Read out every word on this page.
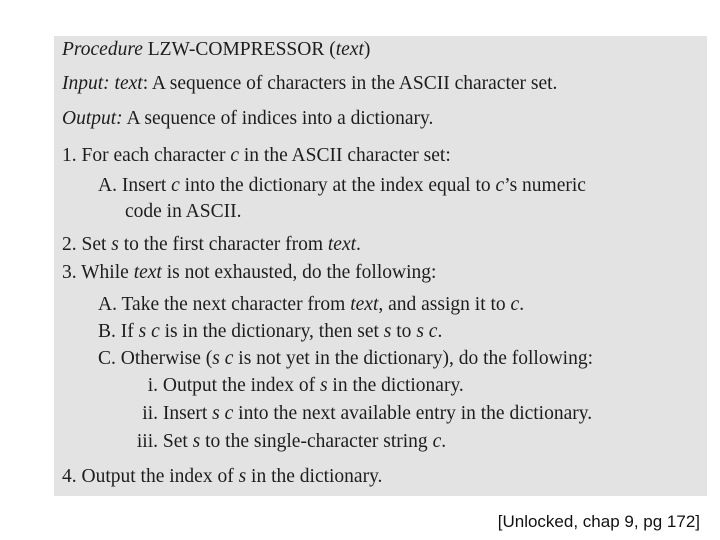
Procedure LZW-COMPRESSOR (text)
Input: text: A sequence of characters in the ASCII character set.
Output: A sequence of indices into a dictionary.
1. For each character c in the ASCII character set:
A. Insert c into the dictionary at the index equal to c’s numeric
code in ASCII.
2. Set s to the first character from text.
3. While text is not exhausted, do the following:
A. Take the next character from text, and assign it to c.
B. If s c is in the dictionary, then set s to s c.
C. Otherwise (s c is not yet in the dictionary), do the following:
i. Output the index of s in the dictionary.
ii. Insert s c into the next available entry in the dictionary.
iii. Set s to the single-character string c.
4. Output the index of s in the dictionary.
[Unlocked, chap 9, pg 172]
